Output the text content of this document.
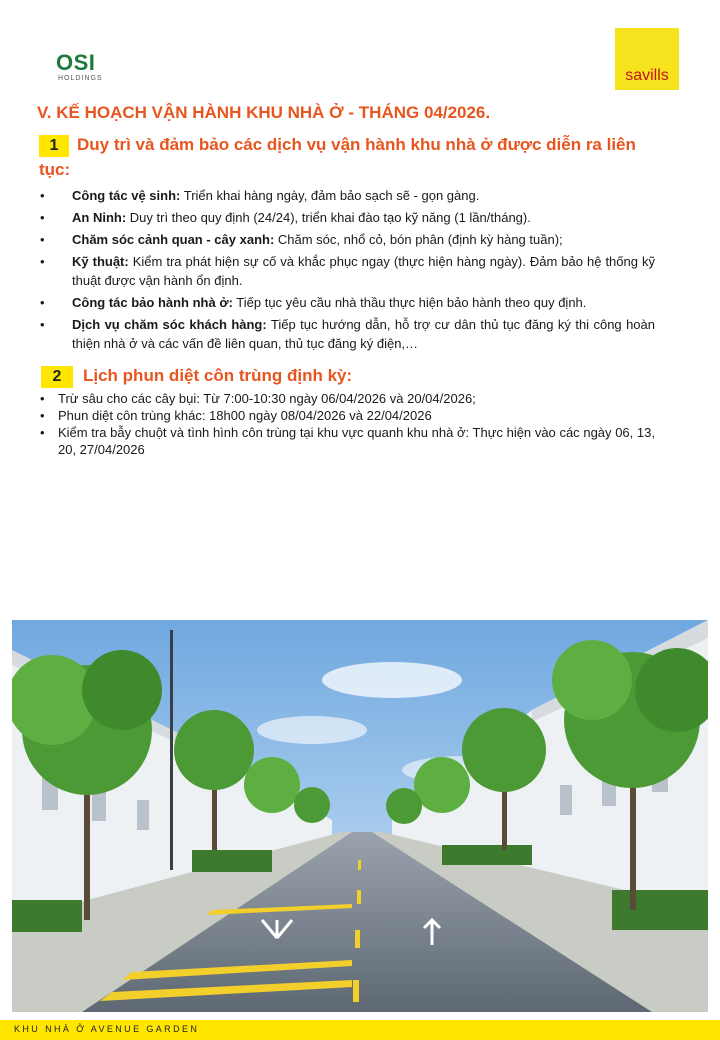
OSI
HOLDINGS	savills
V. KẾ HOẠCH VẬN HÀNH KHU NHÀ Ở - THÁNG 04/2026.
1 Duy trì và đảm bảo các dịch vụ vận hành khu nhà ở được diễn ra liên tục:
• Công tác vệ sinh: Triển khai hàng ngày, đảm bảo sạch sẽ - gọn gàng.
• An Ninh: Duy trì theo quy định (24/24), triển khai đào tạo kỹ năng (1 lần/tháng).
• Chăm sóc cảnh quan - cây xanh: Chăm sóc, nhổ cỏ, bón phân (định kỳ hàng tuần);
• Kỹ thuật: Kiểm tra phát hiện sự cố và khắc phục ngay (thực hiện hàng ngày). Đảm bảo hệ thống kỹ thuật được vận hành ổn định.
• Công tác bảo hành nhà ở: Tiếp tục yêu cầu nhà thầu thực hiện bảo hành theo quy định.
• Dịch vụ chăm sóc khách hàng: Tiếp tục hướng dẫn, hỗ trợ cư dân thủ tục đăng ký thi công hoàn thiện nhà ở và các vấn đề liên quan, thủ tục đăng ký điện,…
2 Lịch phun diệt côn trùng định kỳ:
• Trừ sâu cho các cây bụi: Từ 7:00-10:30 ngày 06/04/2026 và 20/04/2026;
• Phun diệt côn trùng khác: 18h00 ngày 08/04/2026 và 22/04/2026
• Kiểm tra bẫy chuột và tình hình côn trùng tại khu vực quanh khu nhà ở: Thực hiện vào các ngày 06, 13, 20, 27/04/2026
KHU NHÀ Ở AVENUE GARDEN
